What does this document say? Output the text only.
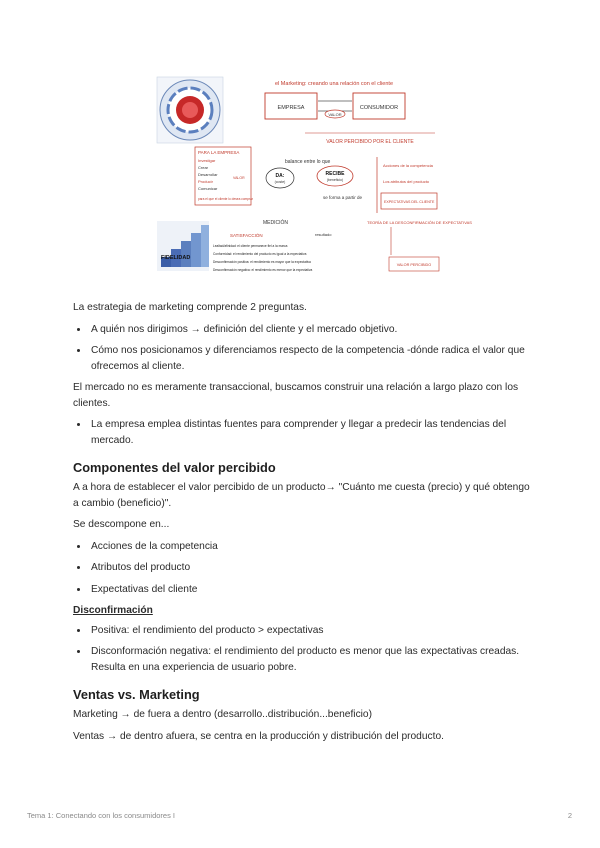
el Marketing: creando una relación con el cliente
EMPRESA	CONSUMIDOR
VALOR
VALOR PERCIBIDO POR EL CLIENTE
PARA LA EMPRESA
Investigar
Crear
Desarrollar
Producir
Comunicar
VALOR
para el que el cliente lo desea comprar
balance entre lo que
DA:
(coste)
RECIBE
(beneficio)
se forma a partir de
Acciones de la competencia
Los atributos del producto
EXPECTATIVAS DEL CLIENTE
MEDICIÓN
SATISFACCIÓN
TEORÍA DE LA DESCONFIRMACIÓN DE EXPECTATIVAS
resultado
FIDELIDAD
Lealtad/afinidad: el cliente permanece fiel a la marca
Conformidad: el rendimiento del producto es igual a la expectativa
Desconfirmación positiva: el rendimiento es mayor que la expectativa
Desconfirmación negativa: el rendimiento es menor que la expectativa
VALOR PERCIBIDO

La estrategia de marketing comprende 2 preguntas.

• A quién nos dirigimos → definición del cliente y el mercado objetivo.
• Cómo nos posicionamos y diferenciamos respecto de la competencia -dónde radica el valor que ofrecemos al cliente.

El mercado no es meramente transaccional, buscamos construir una relación a largo plazo con los clientes.

• La empresa emplea distintas fuentes para comprender y llegar a predecir las tendencias del mercado.
Componentes del valor percibido

A a hora de establecer el valor percibido de un producto→ "Cuánto me cuesta (precio) y qué obtengo a cambio (beneficio)".

Se descompone en...

• Acciones de la competencia
• Atributos del producto
• Expectativas del cliente
Disconfirmación
• Positiva: el rendimiento del producto > expectativas
• Disconformación negativa: el rendimiento del producto es menor que las expectativas creadas. Resulta en una experiencia de usuario pobre.
Ventas vs. Marketing

Marketing → de fuera a dentro (desarrollo..distribución...beneficio)

Ventas → de dentro afuera, se centra en la producción y distribución del producto.

Tema 1: Conectando con los consumidores I	2
